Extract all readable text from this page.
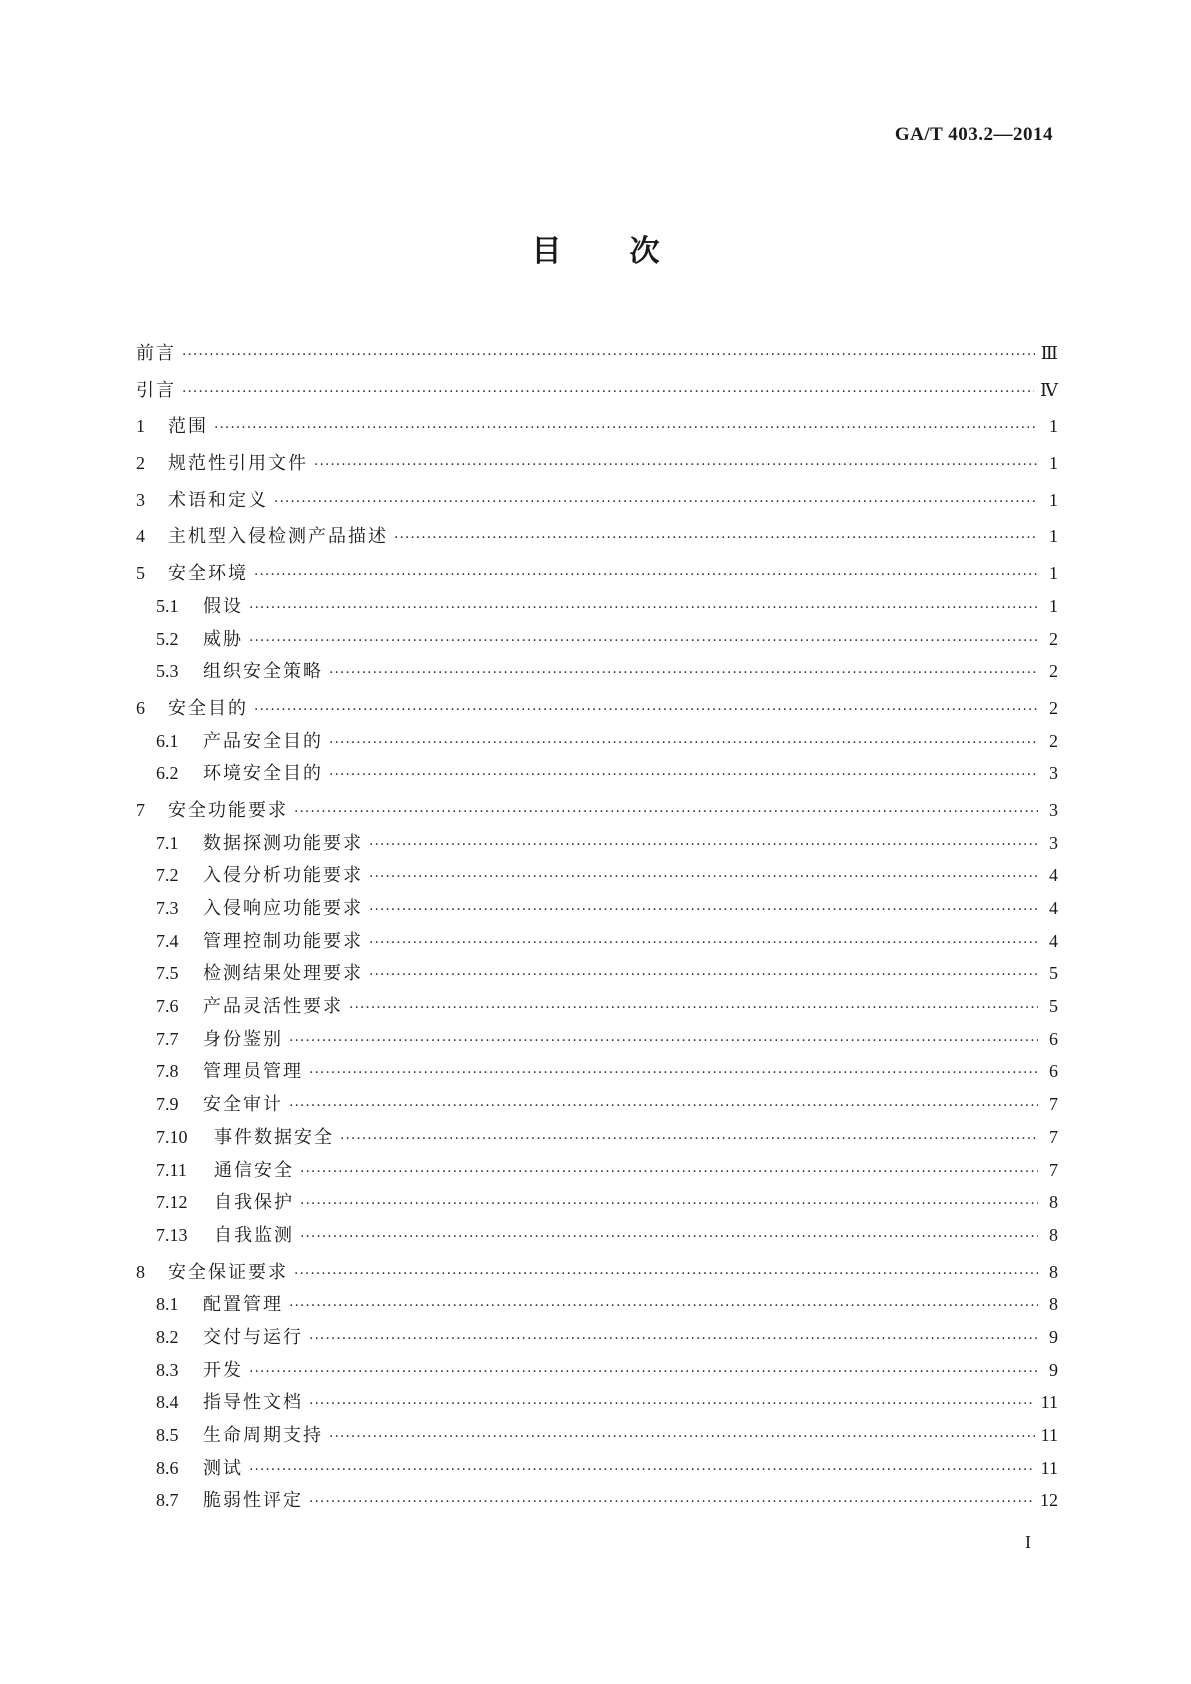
GA/T 403.2—2014
目次
前言 ·····	Ⅲ
引言 ·····	Ⅳ
1	范围 ·····	1
2	规范性引用文件 ·····	1
3	术语和定义 ·····	1
4	主机型入侵检测产品描述 ·····	1
5	安全环境 ·····	1
5.1	假设 ·····	1
5.2	威胁 ·····	2
5.3	组织安全策略 ·····	2
6	安全目的 ·····	2
6.1	产品安全目的 ·····	2
6.2	环境安全目的 ·····	3
7	安全功能要求 ·····	3
7.1	数据探测功能要求 ·····	3
7.2	入侵分析功能要求 ·····	4
7.3	入侵响应功能要求 ·····	4
7.4	管理控制功能要求 ·····	4
7.5	检测结果处理要求 ·····	5
7.6	产品灵活性要求 ·····	5
7.7	身份鉴别 ·····	6
7.8	管理员管理 ·····	6
7.9	安全审计 ·····	7
7.10	事件数据安全 ·····	7
7.11	通信安全 ·····	7
7.12	自我保护 ·····	8
7.13	自我监测 ·····	8
8	安全保证要求 ·····	8
8.1	配置管理 ·····	8
8.2	交付与运行 ·····	9
8.3	开发 ·····	9
8.4	指导性文档 ·····	11
8.5	生命周期支持 ·····	11
8.6	测试 ·····	11
8.7	脆弱性评定 ·····	12
I
